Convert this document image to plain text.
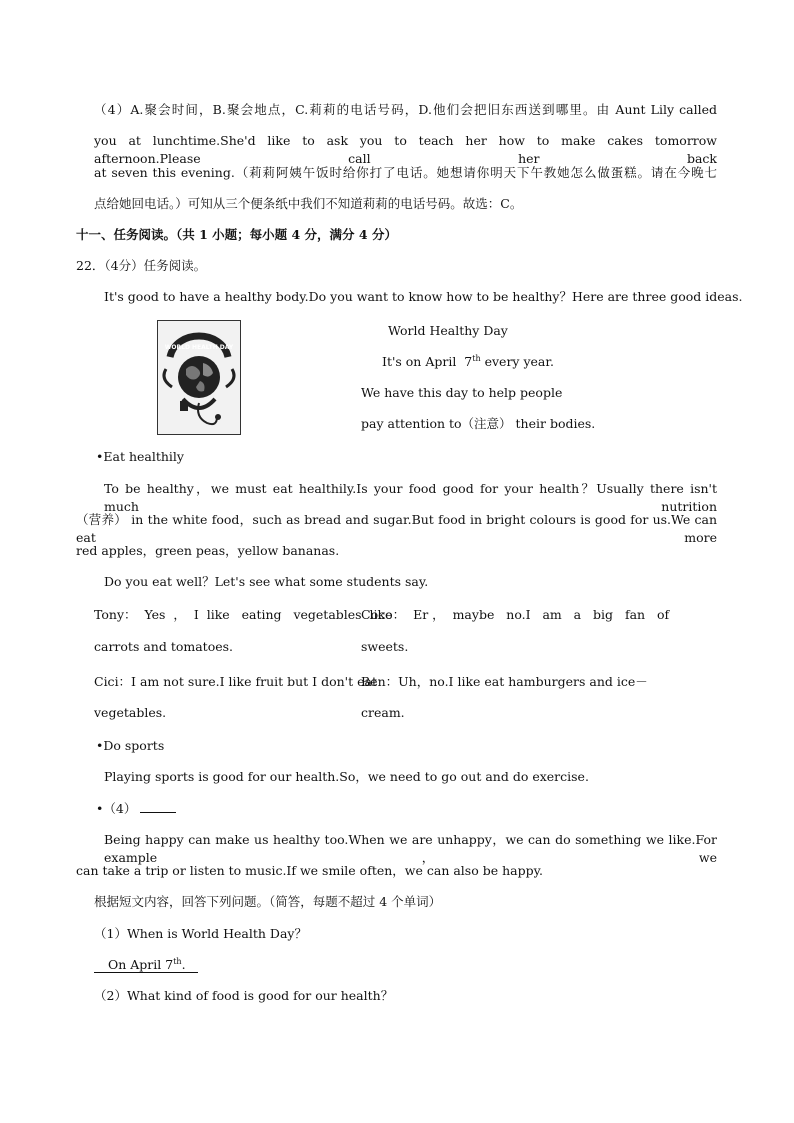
（4）A.聚会时间，B.聚会地点，C.莉莉的电话号码，D.他们会把旧东西送到哪里。由 Aunt Lily called
you at lunchtime.She'd like to ask you to teach her how to make cakes tomorrow afternoon.Please call her back
at seven this evening.（莉莉阿姨午饭时给你打了电话。她想请你明天下午教她怎么做蛋糕。请在今晚七
点给她回电话。）可知从三个便条纸中我们不知道莉莉的电话号码。故选：C。
十一、任务阅读。（共 1 小题；每小题 4 分，满分 4 分）
22．（4分）任务阅读。
It's good to have a healthy body.Do you want to know how to be healthy？Here are three good ideas.
WORLD HEALTH DAY
World Healthy Day
It's on April 7th every year.
We have this day to help people
pay attention to（注意） their bodies.
•Eat healthily
To be healthy，we must eat healthily.Is your food good for your health？Usually there isn't much nutrition
（营养） in the white food，such as bread and sugar.But food in bright colours is good for us.We can eat more
red apples，green peas，yellow bananas.
Do you eat well？Let's see what some students say.
Tony：  Yes  ，  I  like   eating   vegetables  like
carrots and tomatoes.
Coco：  Er ，  maybe   no.I   am   a   big   fan   of
sweets.
Cici：I am not sure.I like fruit but I don't eat
vegetables.
Ben：Uh，no.I like eat hamburgers and ice－
cream.
•Do sports
Playing sports is good for our health.So，we need to go out and do exercise.
•（4）
Being happy can make us healthy too.When we are unhappy，we can do something we like.For example，we
can take a trip or listen to music.If we smile often，we can also be happy.
根据短文内容，回答下列问题。（简答，每题不超过 4 个单词）
（1）When is World Health Day？
On April 7th.
（2）What kind of food is good for our health？
